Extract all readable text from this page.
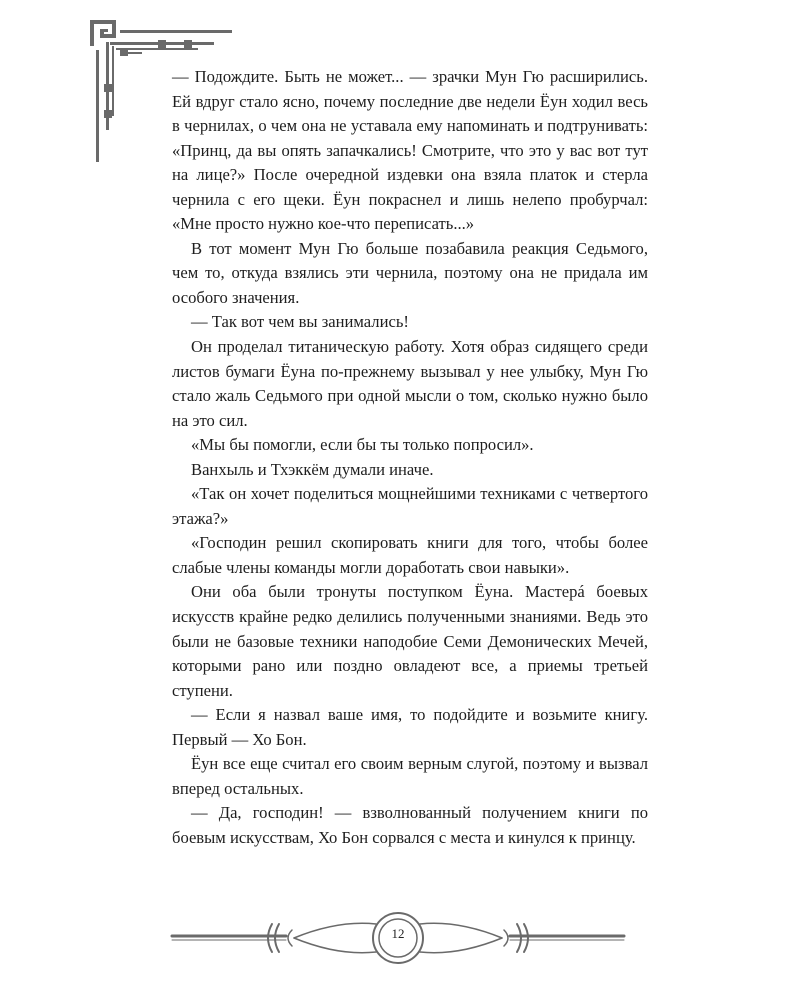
— Подождите. Быть не может... — зрачки Мун Гю расширились. Ей вдруг стало ясно, почему последние две недели Ёун ходил весь в чернилах, о чем она не уставала ему напоминать и подтрунивать: «Принц, да вы опять запачкались! Смотрите, что это у вас вот тут на лице?» После очередной издевки она взяла платок и стерла чернила с его щеки. Ёун покраснел и лишь нелепо пробурчал: «Мне просто нужно кое-что переписать...»

В тот момент Мун Гю больше позабавила реакция Седьмого, чем то, откуда взялись эти чернила, поэтому она не придала им особого значения.

— Так вот чем вы занимались!

Он проделал титаническую работу. Хотя образ сидящего среди листов бумаги Ёуна по-прежнему вызывал у нее улыбку, Мун Гю стало жаль Седьмого при одной мысли о том, сколько нужно было на это сил.

«Мы бы помогли, если бы ты только попросил».

Ванхыль и Тхэккём думали иначе.

«Так он хочет поделиться мощнейшими техниками с четвертого этажа?»

«Господин решил скопировать книги для того, чтобы более слабые члены команды могли доработать свои навыки».

Они оба были тронуты поступком Ёуна. Мастерá боевых искусств крайне редко делились полученными знаниями. Ведь это были не базовые техники наподобие Семи Демонических Мечей, которыми рано или поздно овладеют все, а приемы третьей ступени.

— Если я назвал ваше имя, то подойдите и возьмите книгу. Первый — Хо Бон.

Ёун все еще считал его своим верным слугой, поэтому и вызвал вперед остальных.

— Да, господин! — взволнованный получением книги по боевым искусствам, Хо Бон сорвался с места и кинулся к принцу.

12
